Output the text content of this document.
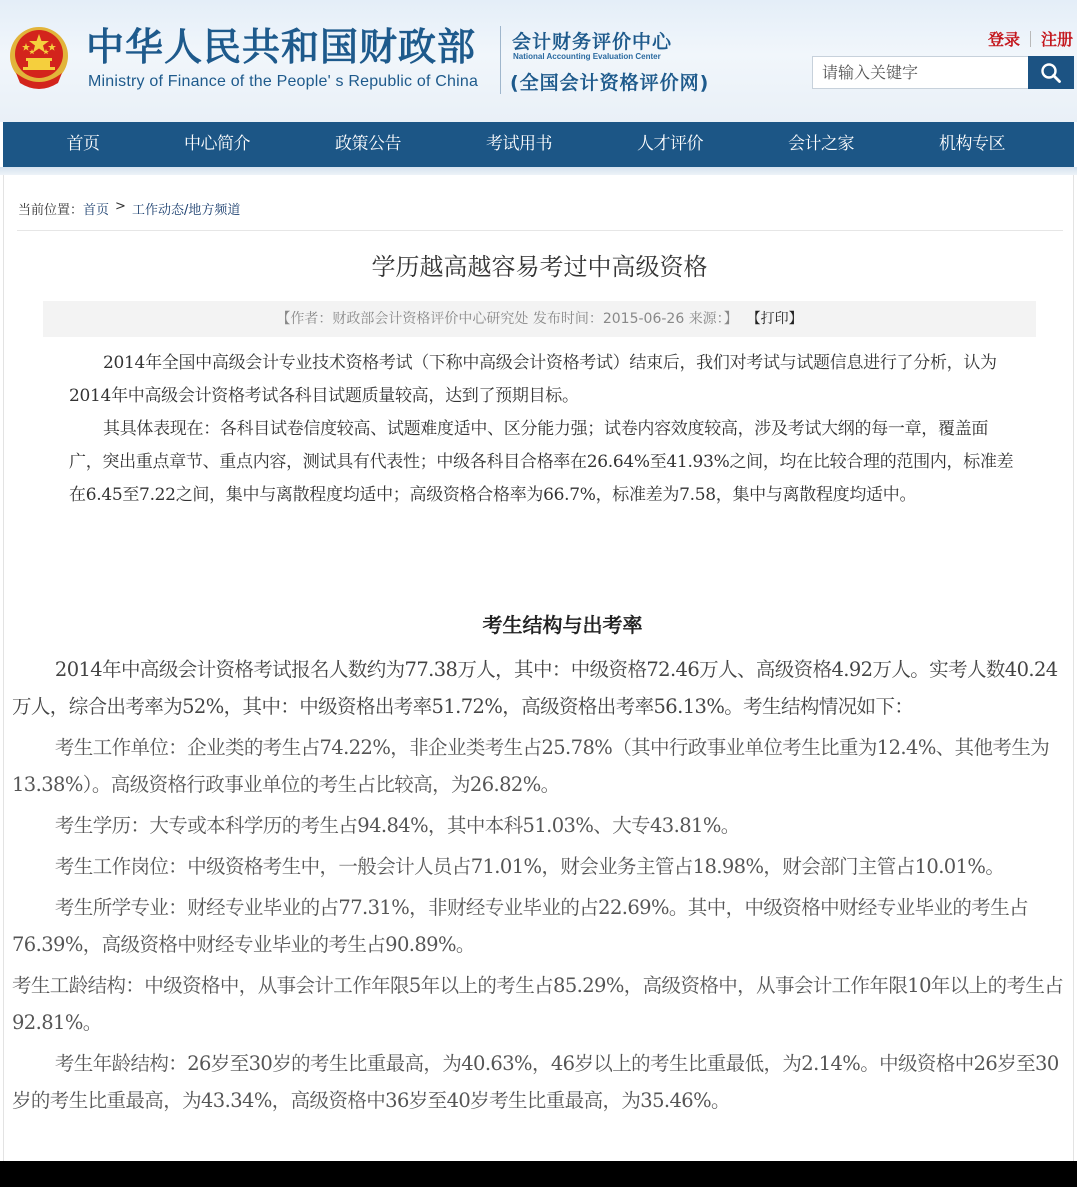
中华人民共和国财政部
Ministry of Finance of the People' s Republic of China
会计财务评价中心
National Accounting Evaluation Center
(全国会计资格评价网)
登录 注册
请输入关键字
首页	中心简介	政策公告	考试用书	人才评价	会计之家	机构专区
当前位置： 首页 > 工作动态/地方频道
学历越高越容易考过中高级资格
【作者：财政部会计资格评价中心研究处 发布时间：2015-06-26 来源：】 【打印】

2014年全国中高级会计专业技术资格考试（下称中高级会计资格考试）结束后，我们对考试与试题信息进行了分析，认为2014年中高级会计资格考试各科目试题质量较高，达到了预期目标。

其具体表现在：各科目试卷信度较高、试题难度适中、区分能力强；试卷内容效度较高，涉及考试大纲的每一章，覆盖面广，突出重点章节、重点内容，测试具有代表性；中级各科目合格率在26.64%至41.93%之间，均在比较合理的范围内，标准差在6.45至7.22之间，集中与离散程度均适中；高级资格合格率为66.7%，标准差为7.58，集中与离散程度均适中。

考生结构与出考率

2014年中高级会计资格考试报名人数约为77.38万人，其中：中级资格72.46万人、高级资格4.92万人。实考人数40.24万人，综合出考率为52%，其中：中级资格出考率51.72%，高级资格出考率56.13%。考生结构情况如下：

考生工作单位：企业类的考生占74.22%，非企业类考生占25.78%（其中行政事业单位考生比重为12.4%、其他考生为13.38%）。高级资格行政事业单位的考生占比较高，为26.82%。

考生学历：大专或本科学历的考生占94.84%，其中本科51.03%、大专43.81%。

考生工作岗位：中级资格考生中，一般会计人员占71.01%，财会业务主管占18.98%，财会部门主管占10.01%。

考生所学专业：财经专业毕业的占77.31%，非财经专业毕业的占22.69%。其中，中级资格中财经专业毕业的考生占76.39%，高级资格中财经专业毕业的考生占90.89%。

考生工龄结构：中级资格中，从事会计工作年限5年以上的考生占85.29%，高级资格中，从事会计工作年限10年以上的考生占92.81%。

考生年龄结构：26岁至30岁的考生比重最高，为40.63%，46岁以上的考生比重最低，为2.14%。中级资格中26岁至30岁的考生比重最高，为43.34%，高级资格中36岁至40岁考生比重最高，为35.46%。
